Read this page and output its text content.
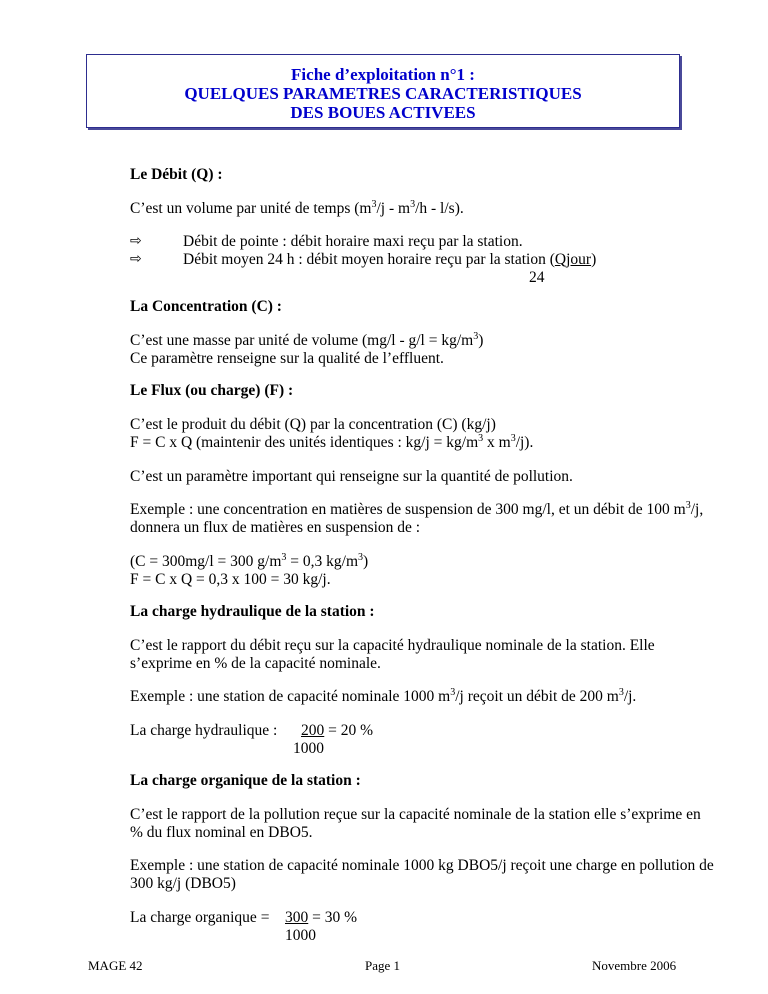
Fiche d’exploitation n°1 :
QUELQUES PARAMETRES CARACTERISTIQUES
DES BOUES ACTIVEES
Le Débit (Q) :
C’est un volume par unité de temps $(m^3/j - m^3/h - l/s)$.
⇨	Débit de pointe : débit horaire maxi reçu par la station.
⇨	Débit moyen 24 h : débit moyen horaire reçu par la station (Qjour)
24
La Concentration (C) :
C’est une masse par unité de volume $(mg/l - g/l = kg/m^3)$
Ce paramètre renseigne sur la qualité de l’effluent.
Le Flux (ou charge) (F) :
C’est le produit du débit (Q) par la concentration (C) (kg/j)
F = C x Q (maintenir des unités identiques : $kg/j = kg/m^3$ x $m^3/j$).
C’est un paramètre important qui renseigne sur la quantité de pollution.
Exemple : une concentration en matières de suspension de 300 mg/l, et un débit de 100 $m^3/j$,
donnera un flux de matières en suspension de :
(C = 300mg/l = 300 $g/m^3 = 0,3$ $kg/m^3$)
F = C x Q = 0,3 x 100 = 30 kg/j.
La charge hydraulique de la station :
C’est le rapport du débit reçu sur la capacité hydraulique nominale de la station. Elle
s’exprime en % de la capacité nominale.
Exemple : une station de capacité nominale 1000 $m^3/j$ reçoit un débit de 200 $m^3/j$.
La charge hydraulique : 200 = 20 %
1000
La charge organique de la station :
C’est le rapport de la pollution reçue sur la capacité nominale de la station elle s’exprime en
% du flux nominal en DBO5.
Exemple : une station de capacité nominale 1000 kg DBO5/j reçoit une charge en pollution de
300 kg/j (DBO5)
La charge organique = 300 = 30 %
1000
MAGE 42	Page 1	Novembre 2006
